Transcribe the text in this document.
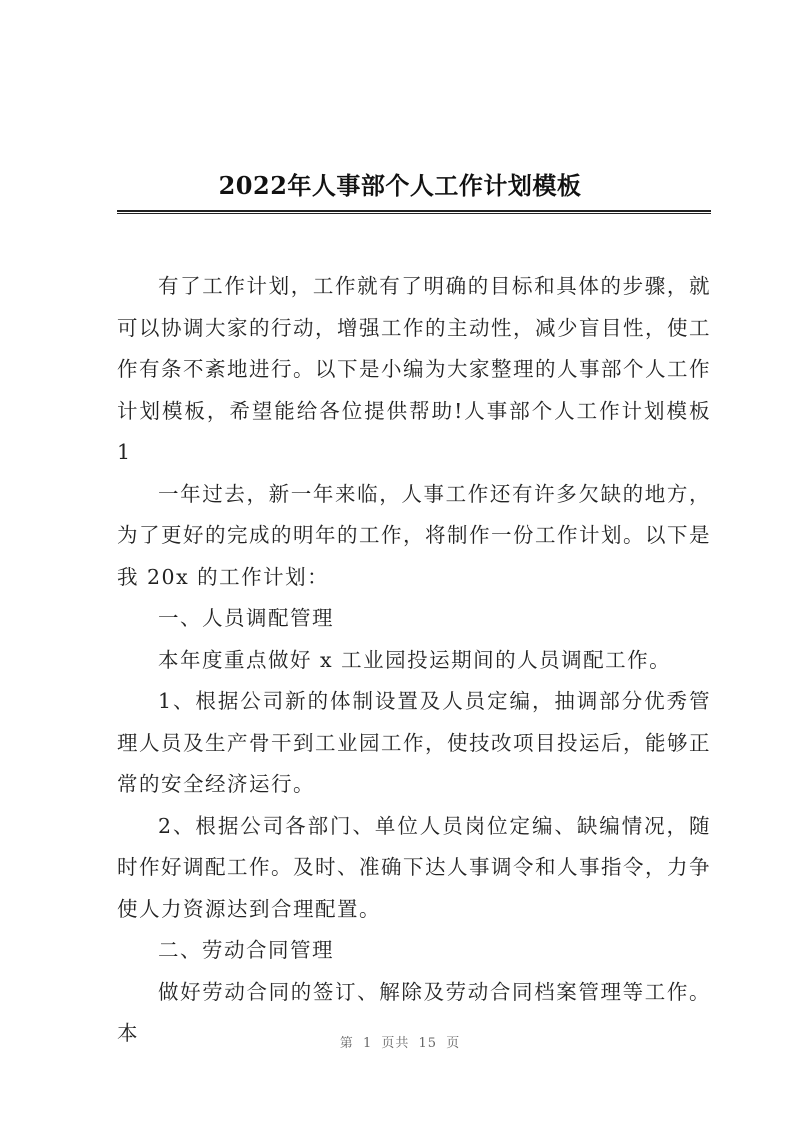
2022年人事部个人工作计划模板

有了工作计划，工作就有了明确的目标和具体的步骤，就可以协调大家的行动，增强工作的主动性，减少盲目性，使工作有条不紊地进行。以下是小编为大家整理的人事部个人工作计划模板，希望能给各位提供帮助!人事部个人工作计划模板 1

一年过去，新一年来临，人事工作还有许多欠缺的地方，为了更好的完成的明年的工作，将制作一份工作计划。以下是我 20x 的工作计划：

一、人员调配管理

本年度重点做好 x 工业园投运期间的人员调配工作。

1、根据公司新的体制设置及人员定编，抽调部分优秀管理人员及生产骨干到工业园工作，使技改项目投运后，能够正常的安全经济运行。

2、根据公司各部门、单位人员岗位定编、缺编情况，随时作好调配工作。及时、准确下达人事调令和人事指令，力争使人力资源达到合理配置。

二、劳动合同管理

做好劳动合同的签订、解除及劳动合同档案管理等工作。本	第 1 页共 15 页
